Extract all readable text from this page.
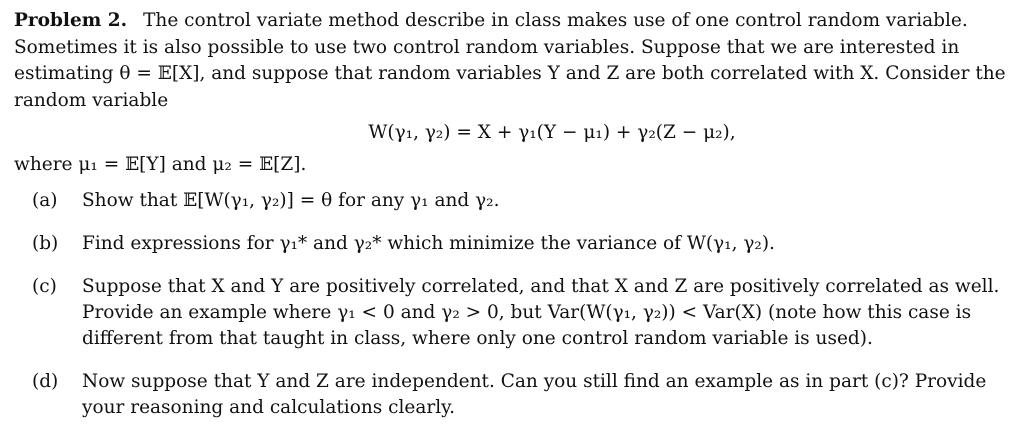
Problem 2. The control variate method describe in class makes use of one control random variable. Sometimes it is also possible to use two control random variables. Suppose that we are interested in estimating θ = 𝔼[X], and suppose that random variables Y and Z are both correlated with X. Consider the random variable

W(γ₁, γ₂) = X + γ₁(Y − μ₁) + γ₂(Z − μ₂),
where μ₁ = 𝔼[Y] and μ₂ = 𝔼[Z].
(a)	Show that 𝔼[W(γ₁, γ₂)] = θ for any γ₁ and γ₂.
(b)	Find expressions for γ₁* and γ₂* which minimize the variance of W(γ₁, γ₂).
(c)	Suppose that X and Y are positively correlated, and that X and Z are positively correlated as well. Provide an example where γ₁ < 0 and γ₂ > 0, but Var(W(γ₁, γ₂)) < Var(X) (note how this case is different from that taught in class, where only one control random variable is used).
(d)	Now suppose that Y and Z are independent. Can you still find an example as in part (c)? Provide your reasoning and calculations clearly.
